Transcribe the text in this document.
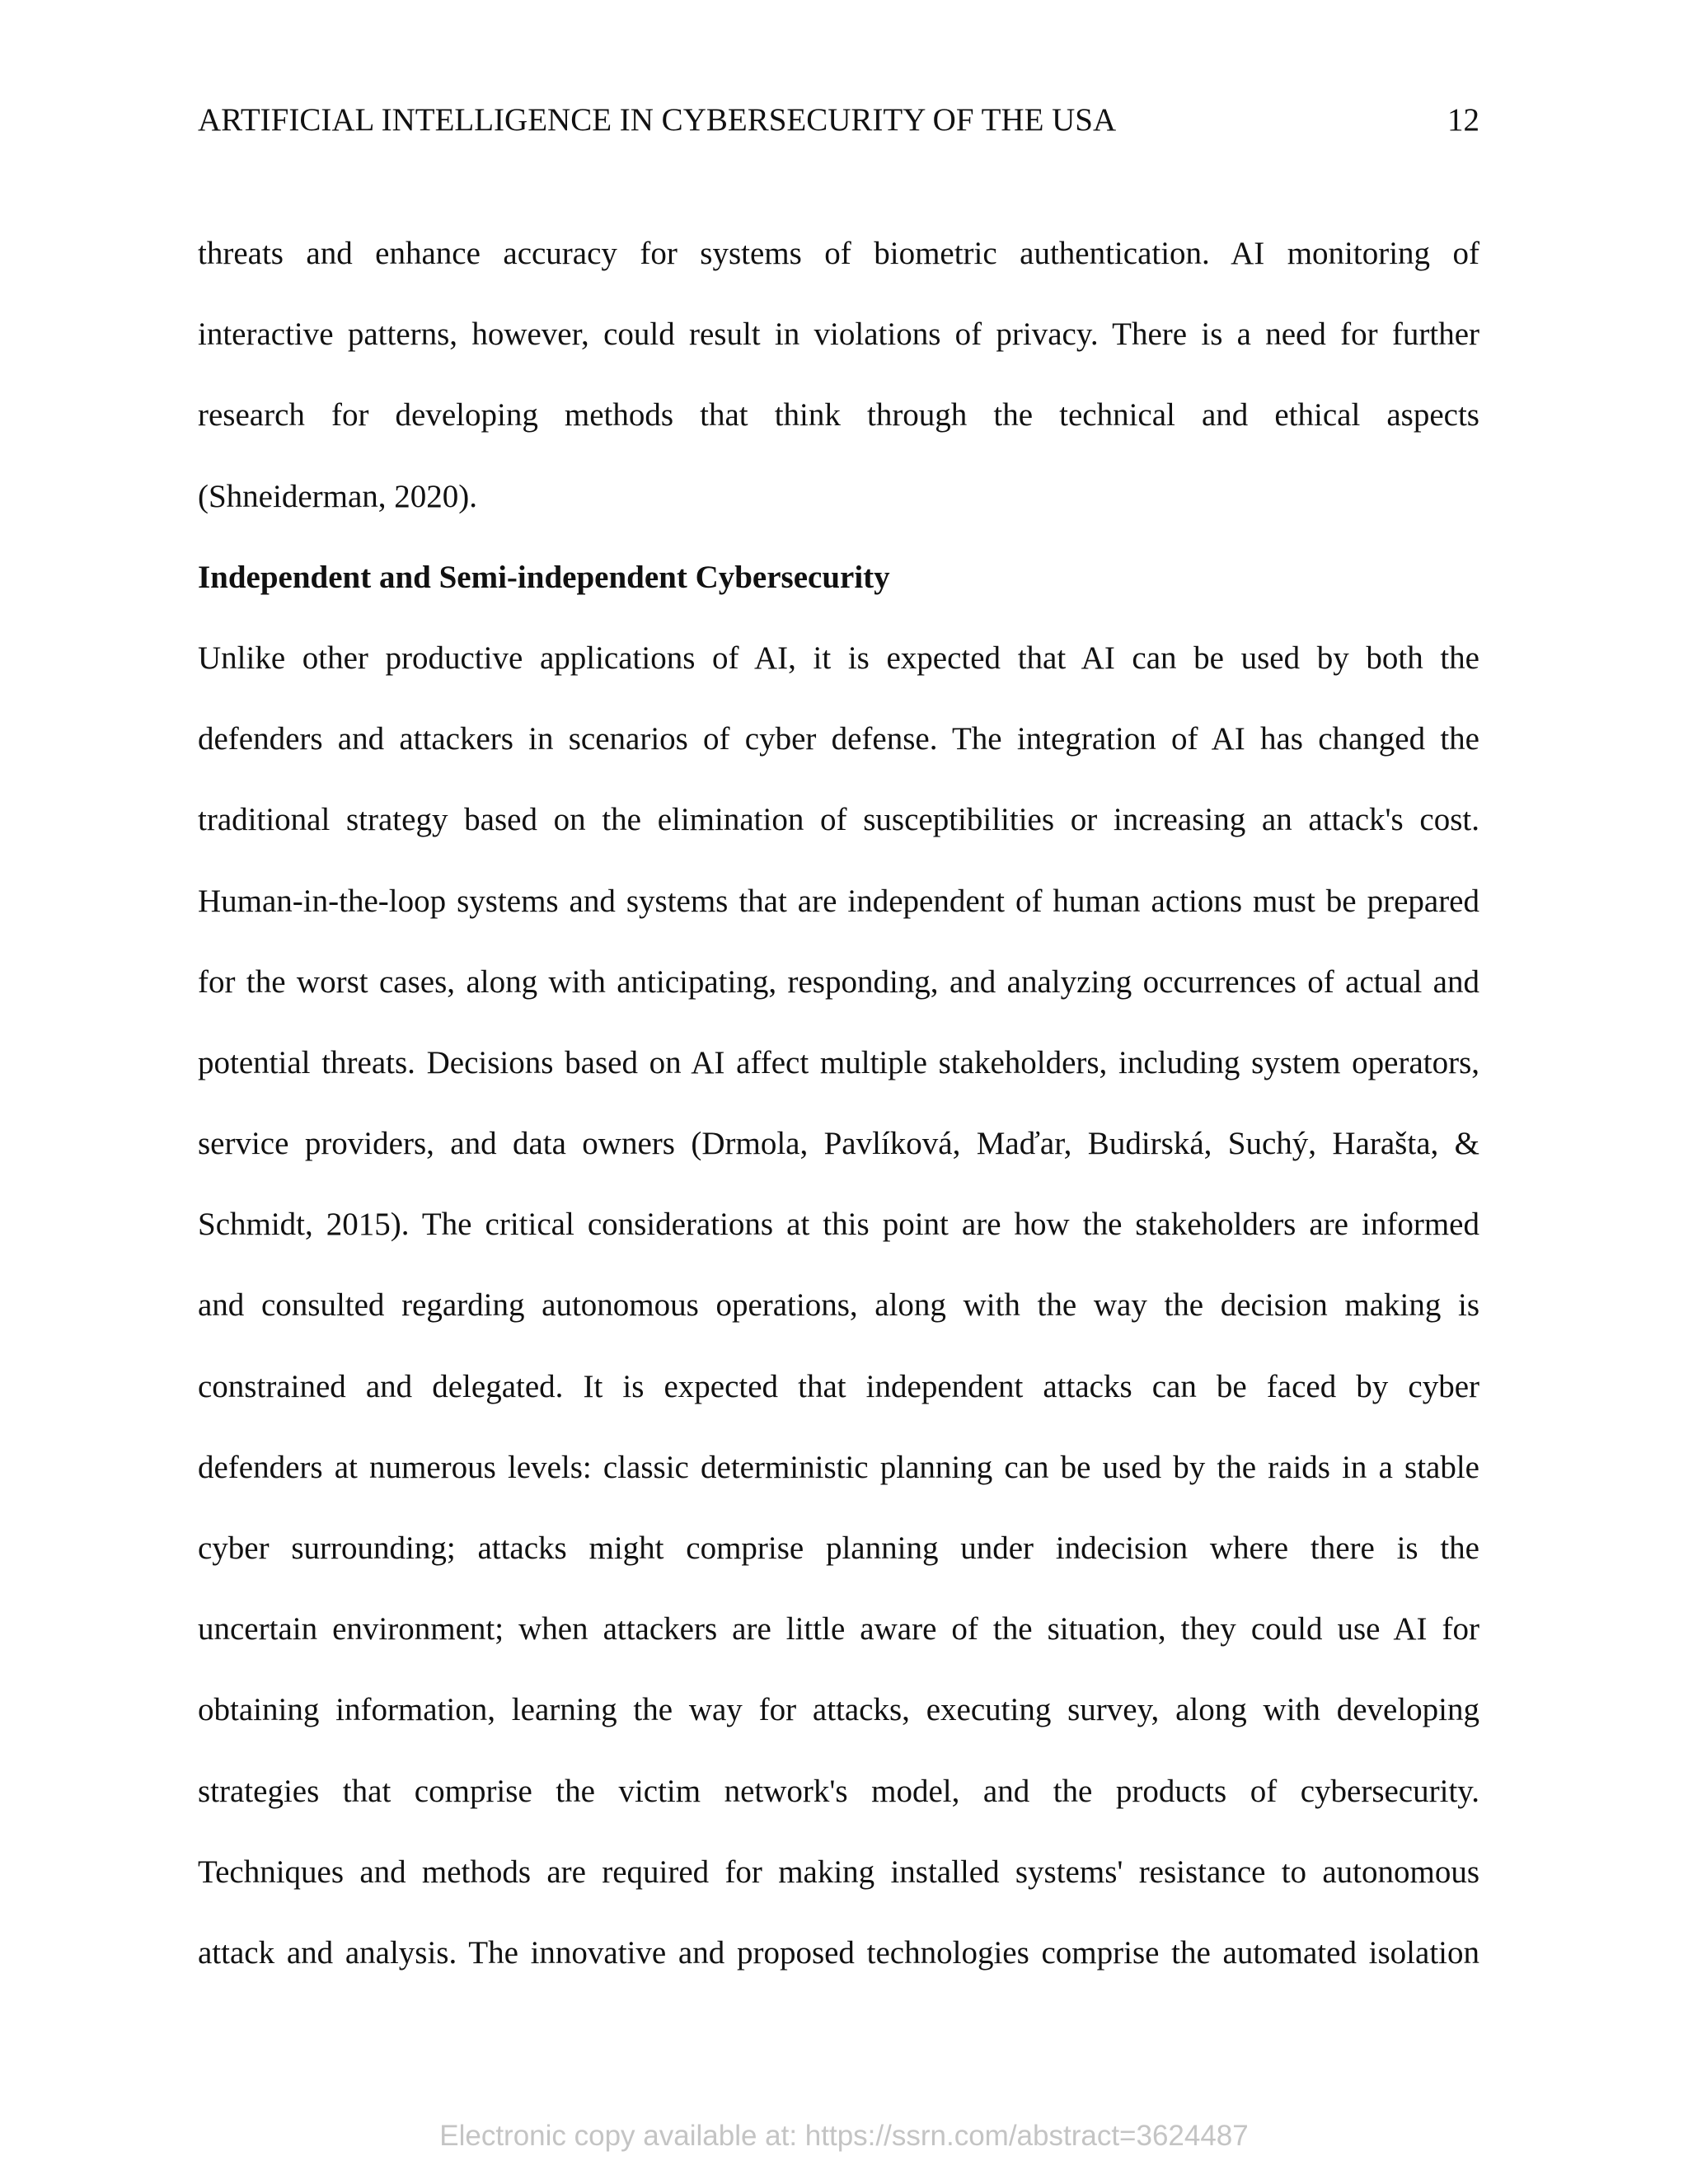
ARTIFICIAL INTELLIGENCE IN CYBERSECURITY OF THE USA	12
threats and enhance accuracy for systems of biometric authentication. AI monitoring of
interactive patterns, however, could result in violations of privacy. There is a need for further
research for developing methods that think through the technical and ethical aspects
(Shneiderman, 2020).
Independent and Semi-independent Cybersecurity
Unlike other productive applications of AI, it is expected that AI can be used by both the
defenders and attackers in scenarios of cyber defense. The integration of AI has changed the
traditional strategy based on the elimination of susceptibilities or increasing an attack's cost.
Human-in-the-loop systems and systems that are independent of human actions must be prepared
for the worst cases, along with anticipating, responding, and analyzing occurrences of actual and
potential threats. Decisions based on AI affect multiple stakeholders, including system operators,
service providers, and data owners (Drmola, Pavlíková, Maďar, Budirská, Suchý, Harašta, &
Schmidt, 2015). The critical considerations at this point are how the stakeholders are informed
and consulted regarding autonomous operations, along with the way the decision making is
constrained and delegated. It is expected that independent attacks can be faced by cyber
defenders at numerous levels: classic deterministic planning can be used by the raids in a stable
cyber surrounding; attacks might comprise planning under indecision where there is the
uncertain environment; when attackers are little aware of the situation, they could use AI for
obtaining information, learning the way for attacks, executing survey, along with developing
strategies that comprise the victim network's model, and the products of cybersecurity.
Techniques and methods are required for making installed systems' resistance to autonomous
attack and analysis. The innovative and proposed technologies comprise the automated isolation
Electronic copy available at: https://ssrn.com/abstract=3624487
